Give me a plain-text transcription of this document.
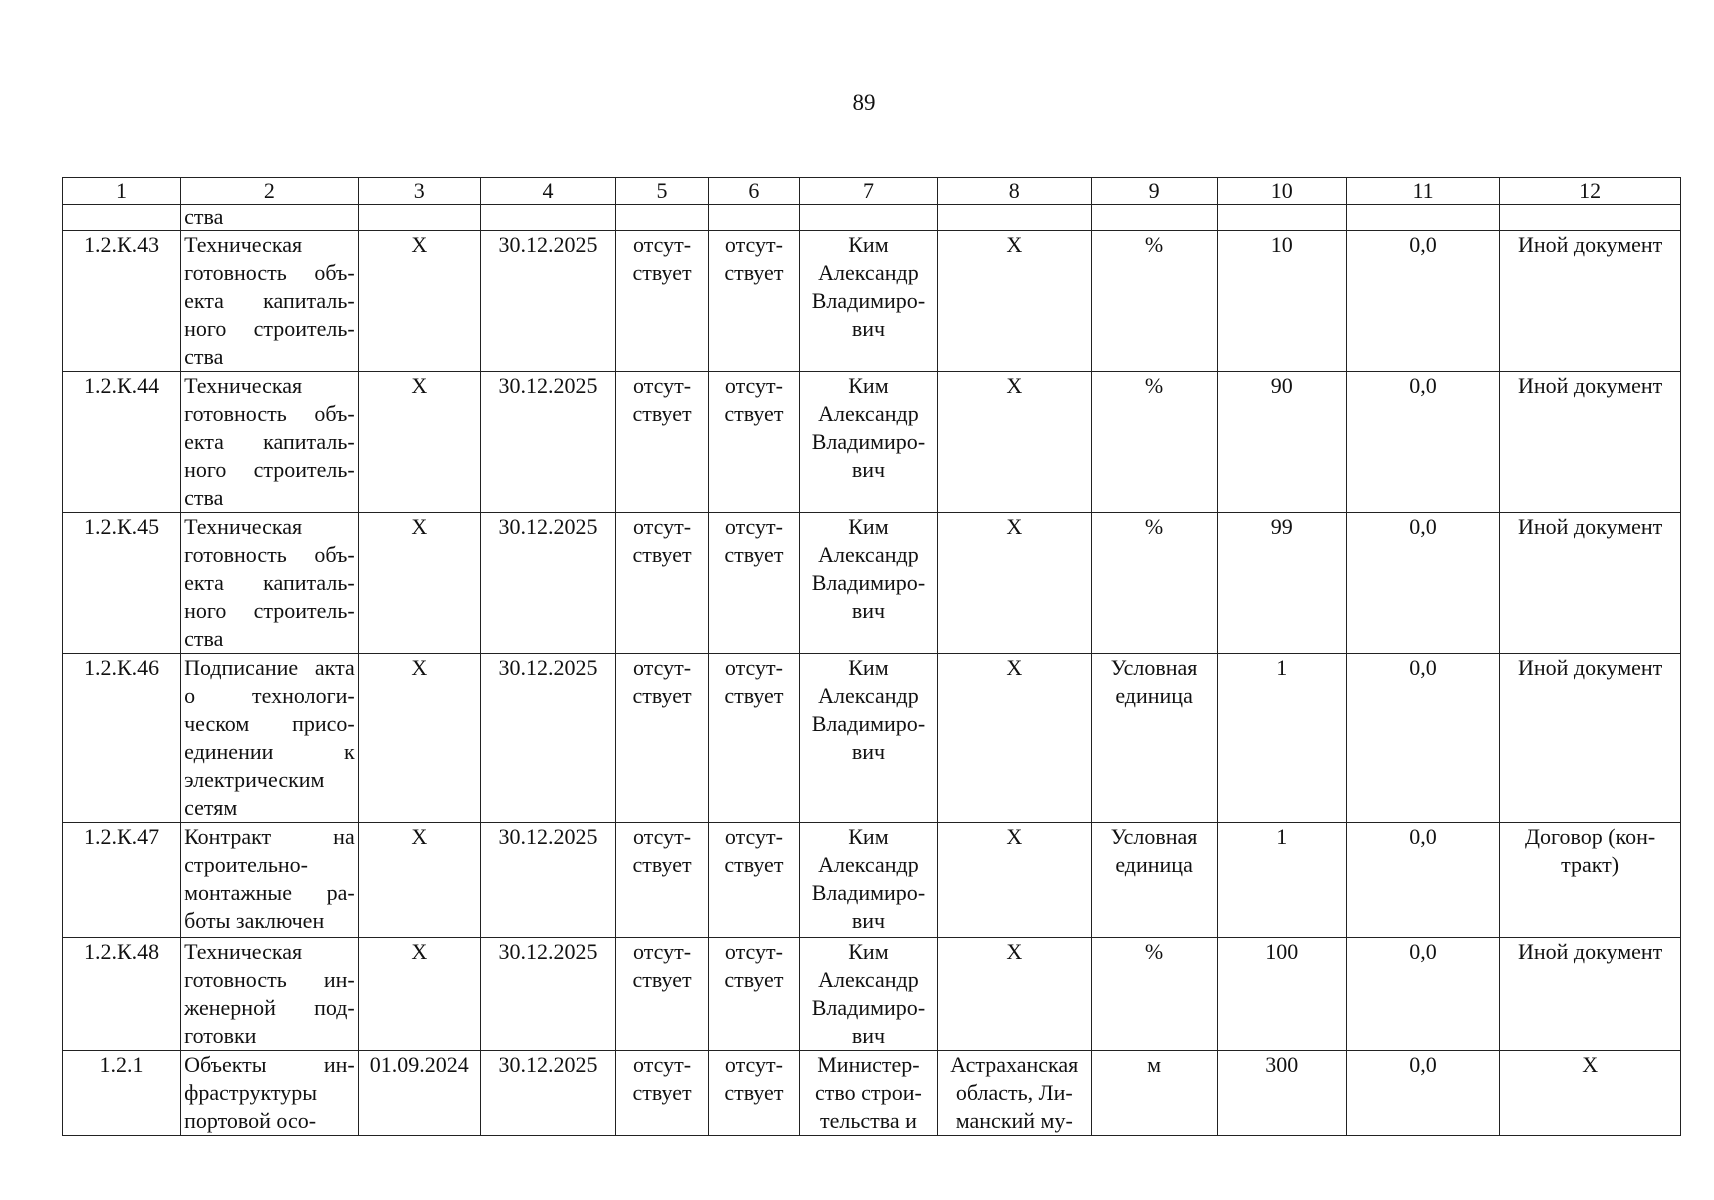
89
1	2	3	4	5	6	7	8	9	10	11	12
	ства										
1.2.К.43	Техническая готовность объекта капитального строительства	Х	30.12.2025	отсутствует	отсутствует	Ким Александр Владимирович	Х	%	10	0,0	Иной документ
1.2.К.44	Техническая готовность объекта капитального строительства	Х	30.12.2025	отсутствует	отсутствует	Ким Александр Владимирович	Х	%	90	0,0	Иной документ
1.2.К.45	Техническая готовность объекта капитального строительства	Х	30.12.2025	отсутствует	отсутствует	Ким Александр Владимирович	Х	%	99	0,0	Иной документ
1.2.К.46	Подписание акта о технологическом присоединении к электрическим сетям	Х	30.12.2025	отсутствует	отсутствует	Ким Александр Владимирович	Х	Условная единица	1	0,0	Иной документ
1.2.К.47	Контракт на строительно-монтажные работы заключен	Х	30.12.2025	отсутствует	отсутствует	Ким Александр Владимирович	Х	Условная единица	1	0,0	Договор (контракт)
1.2.К.48	Техническая готовность инженерной подготовки	Х	30.12.2025	отсутствует	отсутствует	Ким Александр Владимирович	Х	%	100	0,0	Иной документ
1.2.1	Объекты инфраструктуры портовой осо-	01.09.2024	30.12.2025	отсутствует	отсутствует	Министерство строительства и	Астраханская область, Лиманский му-	м	300	0,0	Х
